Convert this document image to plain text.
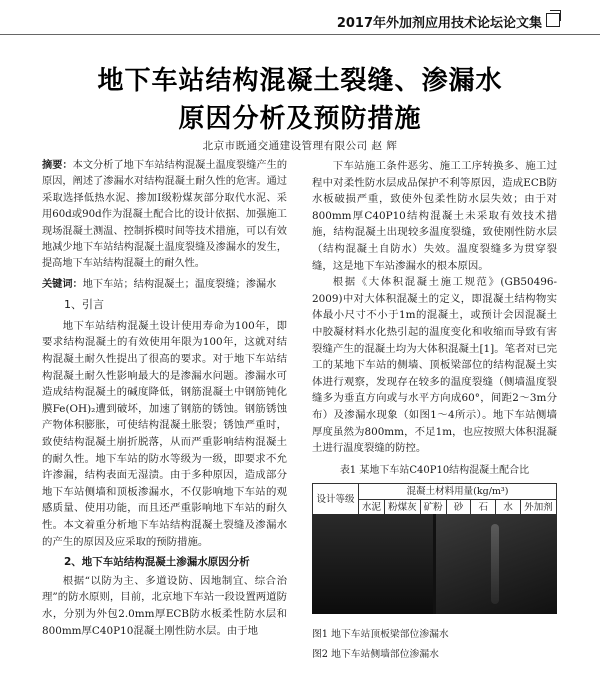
2017年外加剂应用技术论坛论文集
地下车站结构混凝土裂缝、渗漏水
原因分析及预防措施
北京市既通交通建设管理有限公司 赵 辉
摘要：本文分析了地下车站结构混凝土温度裂缝产生的原因，阐述了渗漏水对结构混凝土耐久性的危害。通过采取选择低热水泥、掺加Ⅰ级粉煤灰部分取代水泥、采用60d或90d作为混凝土配合比的设计依据、加强施工现场混凝土测温、控制拆模时间等技术措施，可以有效地减少地下车站结构混凝土温度裂缝及渗漏水的发生，提高地下车站结构混凝土的耐久性。
关键词：地下车站；结构混凝土；温度裂缝；渗漏水
1、引言

地下车站结构混凝土设计使用寿命为100年，即要求结构混凝土的有效使用年限为100年，这就对结构混凝土耐久性提出了很高的要求。对于地下车站结构混凝土耐久性影响最大的是渗漏水问题。渗漏水可造成结构混凝土的碱度降低，钢筋混凝土中钢筋钝化膜Fe(OH)₂遭到破坏，加速了钢筋的锈蚀。钢筋锈蚀产物体积膨胀，可使结构混凝土胀裂；锈蚀严重时，致使结构混凝土崩折脱落，从而严重影响结构混凝土的耐久性。地下车站的防水等级为一级，即要求不允许渗漏，结构表面无湿渍。由于多种原因，造成部分地下车站侧墙和顶板渗漏水，不仅影响地下车站的观感质量、使用功能，而且还严重影响地下车站的耐久性。本文着重分析地下车站结构混凝土裂缝及渗漏水的产生的原因及应采取的预防措施。

2、地下车站结构混凝土渗漏水原因分析

根据“以防为主、多道设防、因地制宜、综合治理”的防水原则，目前，北京地下车站一段设置两道防水，分别为外包2.0mm厚ECB防水板柔性防水层和800mm厚C40P10混凝土刚性防水层。由于地

下车站施工条件恶劣、施工工序转换多、施工过程中对柔性防水层成品保护不利等原因，造成ECB防水板破损严重，致使外包柔性防水层失效；由于对800mm厚C40P10结构混凝土未采取有效技术措施，结构混凝土出现较多温度裂缝，致使刚性防水层（结构混凝土自防水）失效。温度裂缝多为贯穿裂缝，这是地下车站渗漏水的根本原因。

根据《大体积混凝土施工规范》(GB50496-2009)中对大体积混凝土的定义，即混凝土结构物实体最小尺寸不小于1m的混凝土，或预计会因混凝土中胶凝材料水化热引起的温度变化和收缩而导致有害裂缝产生的混凝土均为大体积混凝土[1]。笔者对已完工的某地下车站的侧墙、顶板梁部位的结构混凝土实体进行观察，发现存在较多的温度裂缝（侧墙温度裂缝多为垂直方向或与水平方向成60°，间距2～3m分布）及渗漏水现象（如图1～4所示）。地下车站侧墙厚度虽然为800mm，不足1m，也应按照大体积混凝土进行温度裂缝的防控。

表1 某地下车站C40P10结构混凝土配合比
设计等级	混凝土材料用量(kg/m³)						
	水泥	粉煤灰	矿粉	砂	石	水	外加剂

图1 地下车站顶板梁部位渗漏水
图2 地下车站侧墙部位渗漏水
